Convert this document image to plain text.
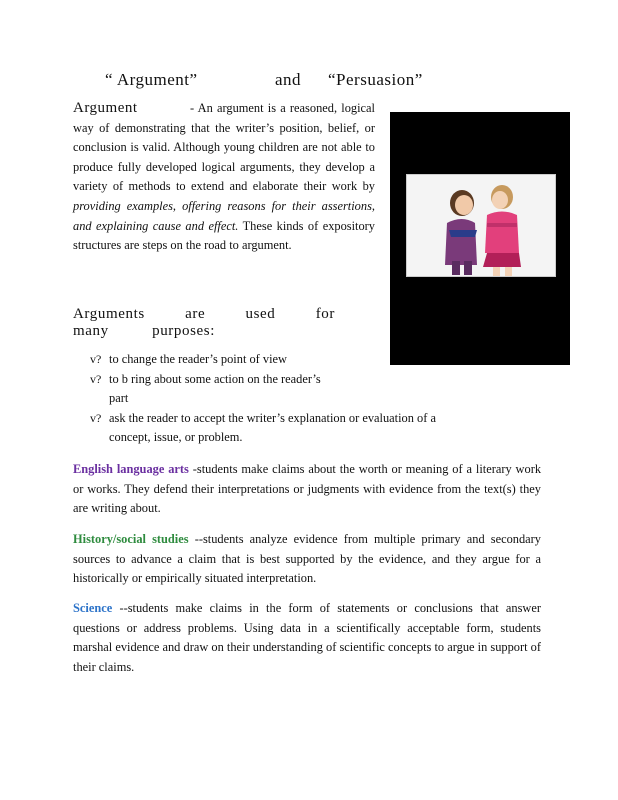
“ Argument”	and “Persuasion”
Argument	- An argument is a reasoned, logical way of demonstrating that the writer’s position, belief, or conclusion is valid. Although young children are not able to produce fully developed logical arguments, they develop a variety of methods to extend and elaborate their work by providing examples, offering reasons for their assertions, and explaining cause and effect. These kinds of expository structures are steps on the road to argument.
Arguments are used for
many purposes:
v? to change the reader’s point of view
v? to b ring about some action on the reader’s part
v? ask the reader to accept the writer’s explanation or evaluation of a concept, issue, or problem.
English language arts -students make claims about the worth or meaning of a literary work or works. They defend their interpretations or judgments with evidence from the text(s) they are writing about.
History/social studies --students analyze evidence from multiple primary and secondary sources to advance a claim that is best supported by the evidence, and they argue for a historically or empirically situated interpretation.
Science --students make claims in the form of statements or conclusions that answer questions or address problems. Using data in a scientifically acceptable form, students marshal evidence and draw on their understanding of scientific concepts to argue in support of their claims.
